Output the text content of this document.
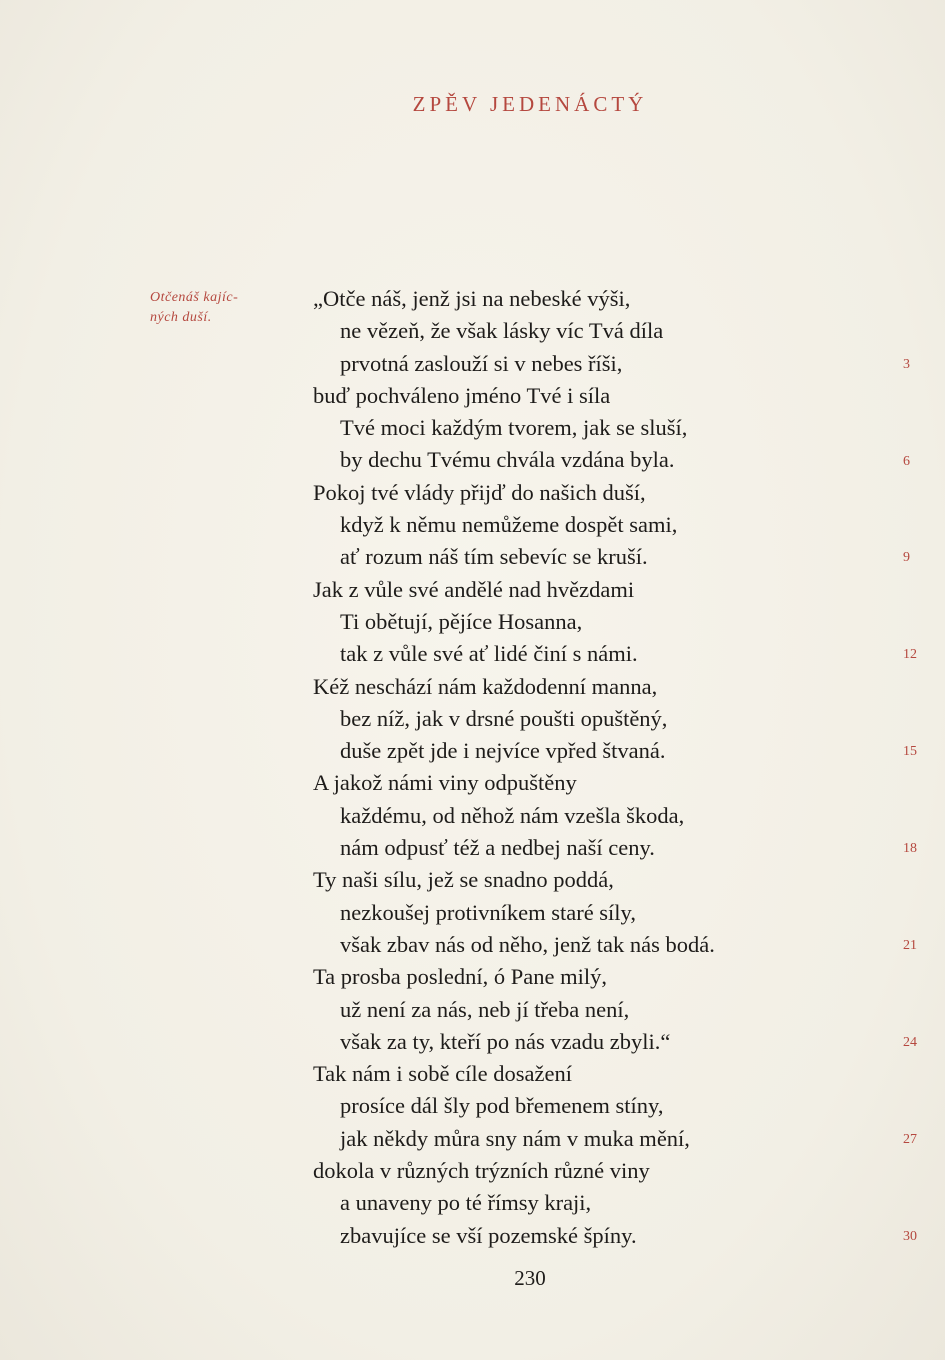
ZPĚV JEDENÁCTÝ
Otčenáš kajíc-
ných duší.
„Otče náš, jenž jsi na nebeské výši,
ne vězeň, že však lásky víc Tvá díla
prvotná zaslouží si v nebes říši,
buď pochváleno jméno Tvé i síla
Tvé moci každým tvorem, jak se sluší,
by dechu Tvému chvála vzdána byla.
Pokoj tvé vlády přijď do našich duší,
když k němu nemůžeme dospět sami,
ať rozum náš tím sebevíc se kruší.
Jak z vůle své andělé nad hvězdami
Ti obětují, pějíce Hosanna,
tak z vůle své ať lidé činí s námi.
Kéž neschází nám každodenní manna,
bez níž, jak v drsné poušti opuštěný,
duše zpět jde i nejvíce vpřed štvaná.
A jakož námi viny odpuštěny
každému, od něhož nám vzešla škoda,
nám odpusť též a nedbej naší ceny.
Ty naši sílu, jež se snadno poddá,
nezkoušej protivníkem staré síly,
však zbav nás od něho, jenž tak nás bodá.
Ta prosba poslední, ó Pane milý,
už není za nás, neb jí třeba není,
však za ty, kteří po nás vzadu zbyli.“
Tak nám i sobě cíle dosažení
prosíce dál šly pod břemenem stíny,
jak někdy můra sny nám v muka mění,
dokola v různých trýzních různé viny
a unaveny po té římsy kraji,
zbavujíce se vší pozemské špíny.
3
6
9
12
15
18
21
24
27
30
230
